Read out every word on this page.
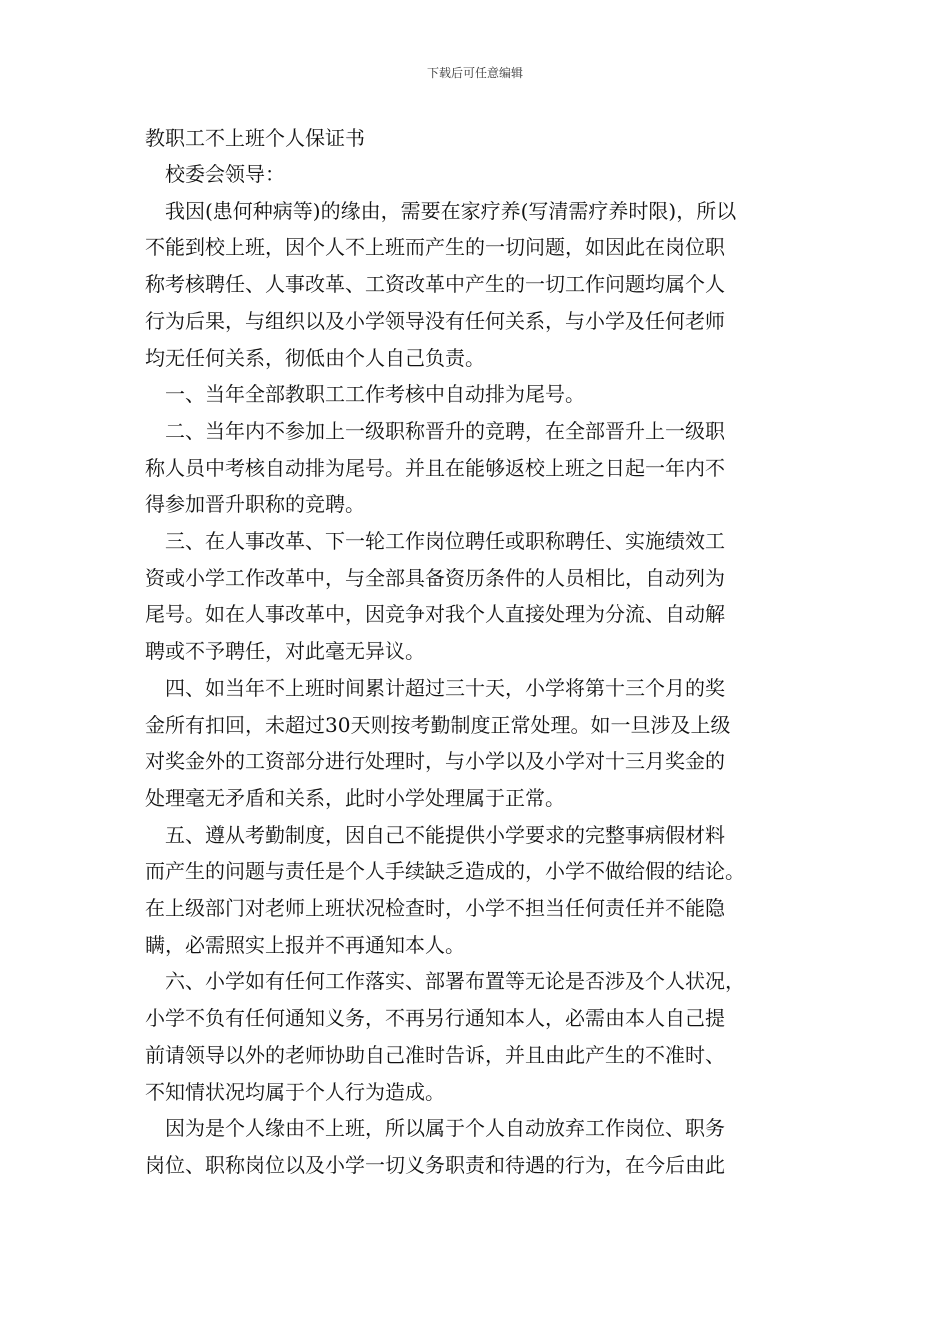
下载后可任意编辑
教职工不上班个人保证书
校委会领导：
我因(患何种病等)的缘由，需要在家疗养(写清需疗养时限)，所以
不能到校上班，因个人不上班而产生的一切问题，如因此在岗位职
称考核聘任、人事改革、工资改革中产生的一切工作问题均属个人
行为后果，与组织以及小学领导没有任何关系，与小学及任何老师
均无任何关系，彻低由个人自己负责。
一、当年全部教职工工作考核中自动排为尾号。
二、当年内不参加上一级职称晋升的竞聘，在全部晋升上一级职
称人员中考核自动排为尾号。并且在能够返校上班之日起一年内不
得参加晋升职称的竞聘。
三、在人事改革、下一轮工作岗位聘任或职称聘任、实施绩效工
资或小学工作改革中，与全部具备资历条件的人员相比，自动列为
尾号。如在人事改革中，因竞争对我个人直接处理为分流、自动解
聘或不予聘任，对此毫无异议。
四、如当年不上班时间累计超过三十天，小学将第十三个月的奖
金所有扣回，未超过30天则按考勤制度正常处理。如一旦涉及上级
对奖金外的工资部分进行处理时，与小学以及小学对十三月奖金的
处理毫无矛盾和关系，此时小学处理属于正常。
五、遵从考勤制度，因自己不能提供小学要求的完整事病假材料
而产生的问题与责任是个人手续缺乏造成的，小学不做给假的结论。
在上级部门对老师上班状况检查时，小学不担当任何责任并不能隐
瞒，必需照实上报并不再通知本人。
六、小学如有任何工作落实、部署布置等无论是否涉及个人状况，
小学不负有任何通知义务，不再另行通知本人，必需由本人自己提
前请领导以外的老师协助自己准时告诉，并且由此产生的不准时、
不知情状况均属于个人行为造成。
因为是个人缘由不上班，所以属于个人自动放弃工作岗位、职务
岗位、职称岗位以及小学一切义务职责和待遇的行为，在今后由此
